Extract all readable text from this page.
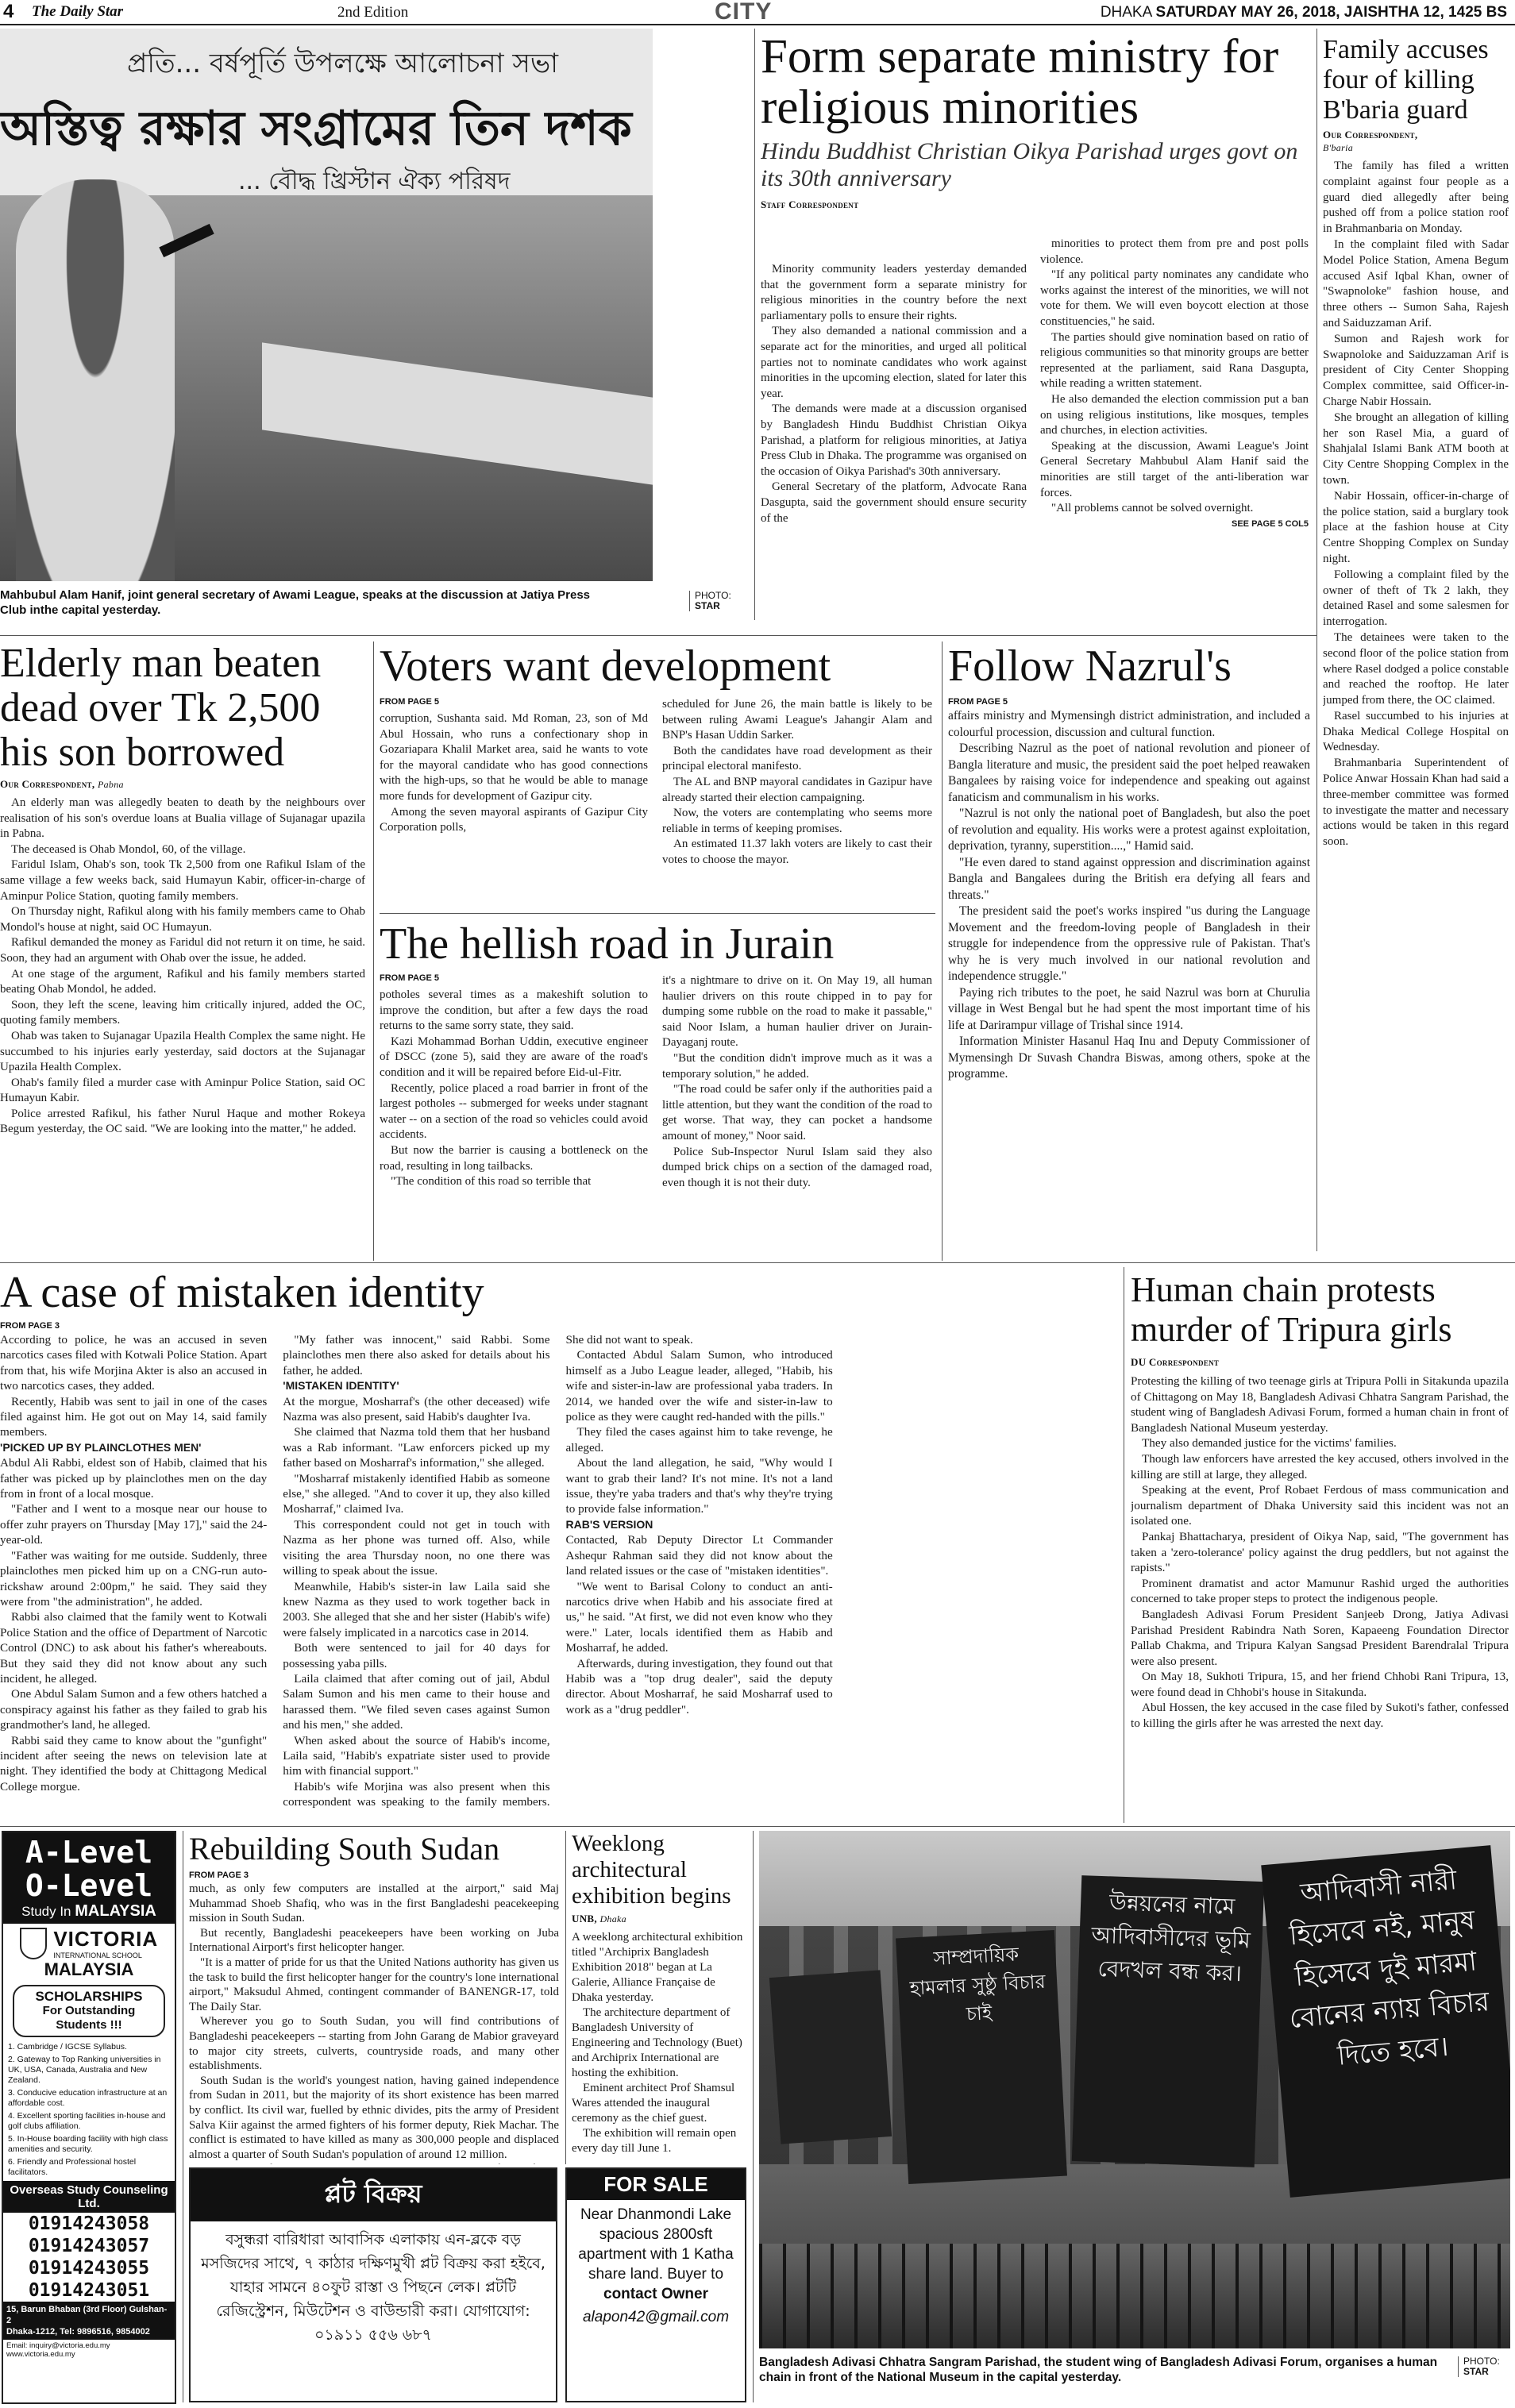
4 The Daily Star	2nd Edition	CITY	DHAKA SATURDAY MAY 26, 2018, JAISHTHA 12, 1425 BS
প্রতি... বর্ষপূর্তি উপলক্ষে আলোচনা সভা
অস্তিত্ব রক্ষার সংগ্রামের তিন দশক
... বৌদ্ধ খ্রিস্টান ঐক্য পরিষদ
Mahbubul Alam Hanif, joint general secretary of Awami League, speaks at the discussion at Jatiya Press Club inthe capital yesterday.
PHOTO:
STAR
Form separate ministry for religious minorities
Hindu Buddhist Christian Oikya Parishad urges govt on its 30th anniversary
Staff Correspondent

Minority community leaders yesterday demanded that the government form a separate ministry for religious minorities in the country before the next parliamentary polls to ensure their rights.

They also demanded a national commission and a separate act for the minorities, and urged all political parties not to nominate candidates who work against minorities in the upcoming election, slated for later this year.

The demands were made at a discussion organised by Bangladesh Hindu Buddhist Christian Oikya Parishad, a platform for religious minorities, at Jatiya Press Club in Dhaka. The programme was organised on the occasion of Oikya Parishad's 30th anniversary.

General Secretary of the platform, Advocate Rana Dasgupta, said the government should ensure security of the

minorities to protect them from pre and post polls violence.

"If any political party nominates any candidate who works against the interest of the minorities, we will not vote for them. We will even boycott election at those constituencies," he said.

The parties should give nomination based on ratio of religious communities so that minority groups are better represented at the parliament, said Rana Dasgupta, while reading a written statement.

He also demanded the election commission put a ban on using religious institutions, like mosques, temples and churches, in election activities.

Speaking at the discussion, Awami League's Joint General Secretary Mahbubul Alam Hanif said the minorities are still target of the anti-liberation war forces.

"All problems cannot be solved overnight.

SEE PAGE 5 COL5
Family accuses four of killing B'baria guard
Our Correspondent,
B'baria

The family has filed a written complaint against four people as a guard died allegedly after being pushed off from a police station roof in Brahmanbaria on Monday.

In the complaint filed with Sadar Model Police Station, Amena Begum accused Asif Iqbal Khan, owner of "Swapnoloke" fashion house, and three others -- Sumon Saha, Rajesh and Saiduzzaman Arif.

Sumon and Rajesh work for Swapnoloke and Saiduzzaman Arif is president of City Center Shopping Complex committee, said Officer-in-Charge Nabir Hossain.

She brought an allegation of killing her son Rasel Mia, a guard of Shahjalal Islami Bank ATM booth at City Centre Shopping Complex in the town.

Nabir Hossain, officer-in-charge of the police station, said a burglary took place at the fashion house at City Centre Shopping Complex on Sunday night.

Following a complaint filed by the owner of theft of Tk 2 lakh, they detained Rasel and some salesmen for interrogation.

The detainees were taken to the second floor of the police station from where Rasel dodged a police constable and reached the rooftop. He later jumped from there, the OC claimed.

Rasel succumbed to his injuries at Dhaka Medical College Hospital on Wednesday.

Brahmanbaria Superintendent of Police Anwar Hossain Khan had said a three-member committee was formed to investigate the matter and necessary actions would be taken in this regard soon.

Elderly man beaten dead over Tk 2,500 his son borrowed
Our Correspondent, Pabna

An elderly man was allegedly beaten to death by the neighbours over realisation of his son's overdue loans at Bualia village of Sujanagar upazila in Pabna.

The deceased is Ohab Mondol, 60, of the village.

Faridul Islam, Ohab's son, took Tk 2,500 from one Rafikul Islam of the same village a few weeks back, said Humayun Kabir, officer-in-charge of Aminpur Police Station, quoting family members.

On Thursday night, Rafikul along with his family members came to Ohab Mondol's house at night, said OC Humayun.

Rafikul demanded the money as Faridul did not return it on time, he said. Soon, they had an argument with Ohab over the issue, he added.

At one stage of the argument, Rafikul and his family members started beating Ohab Mondol, he added.

Soon, they left the scene, leaving him critically injured, added the OC, quoting family members.

Ohab was taken to Sujanagar Upazila Health Complex the same night. He succumbed to his injuries early yesterday, said doctors at the Sujanagar Upazila Health Complex.

Ohab's family filed a murder case with Aminpur Police Station, said OC Humayun Kabir.

Police arrested Rafikul, his father Nurul Haque and mother Rokeya Begum yesterday, the OC said. "We are looking into the matter," he added.

Voters want development
FROM PAGE 5

corruption, Sushanta said. Md Roman, 23, son of Md Abul Hossain, who runs a confectionary shop in Gozariapara Khalil Market area, said he wants to vote for the mayoral candidate who has good connections with the high-ups, so that he would be able to manage more funds for development of Gazipur city.

Among the seven mayoral aspirants of Gazipur City Corporation polls,

scheduled for June 26, the main battle is likely to be between ruling Awami League's Jahangir Alam and BNP's Hasan Uddin Sarker.

Both the candidates have road development as their principal electoral manifesto.

The AL and BNP mayoral candidates in Gazipur have already started their election campaigning.

Now, the voters are contemplating who seems more reliable in terms of keeping promises.

An estimated 11.37 lakh voters are likely to cast their votes to choose the mayor.

The hellish road in Jurain
FROM PAGE 5

potholes several times as a makeshift solution to improve the condition, but after a few days the road returns to the same sorry state, they said.

Kazi Mohammad Borhan Uddin, executive engineer of DSCC (zone 5), said they are aware of the road's condition and it will be repaired before Eid-ul-Fitr.

Recently, police placed a road barrier in front of the largest potholes -- submerged for weeks under stagnant water -- on a section of the road so vehicles could avoid accidents.

But now the barrier is causing a bottleneck on the road, resulting in long tailbacks.

"The condition of this road so terrible that

it's a nightmare to drive on it. On May 19, all human haulier drivers on this route chipped in to pay for dumping some rubble on the road to make it passable," said Noor Islam, a human haulier driver on Jurain-Dayaganj route.

"But the condition didn't improve much as it was a temporary solution," he added.

"The road could be safer only if the authorities paid a little attention, but they want the condition of the road to get worse. That way, they can pocket a handsome amount of money," Noor said.

Police Sub-Inspector Nurul Islam said they also dumped brick chips on a section of the damaged road, even though it is not their duty.

Follow Nazrul's
FROM PAGE 5

affairs ministry and Mymensingh district administration, and included a colourful procession, discussion and cultural function.

Describing Nazrul as the poet of national revolution and pioneer of Bangla literature and music, the president said the poet helped reawaken Bangalees by raising voice for independence and speaking out against fanaticism and communalism in his works.

"Nazrul is not only the national poet of Bangladesh, but also the poet of revolution and equality. His works were a protest against exploitation, deprivation, tyranny, superstition....," Hamid said.

"He even dared to stand against oppression and discrimination against Bangla and Bangalees during the British era defying all fears and threats."

The president said the poet's works inspired "us during the Language Movement and the freedom-loving people of Bangladesh in their struggle for independence from the oppressive rule of Pakistan. That's why he is very much involved in our national revolution and independence struggle."

Paying rich tributes to the poet, he said Nazrul was born at Churulia village in West Bengal but he had spent the most important time of his life at Darirampur village of Trishal since 1914.

Information Minister Hasanul Haq Inu and Deputy Commissioner of Mymensingh Dr Suvash Chandra Biswas, among others, spoke at the programme.

A case of mistaken identity
FROM PAGE 3

According to police, he was an accused in seven narcotics cases filed with Kotwali Police Station. Apart from that, his wife Morjina Akter is also an accused in two narcotics cases, they added.

Recently, Habib was sent to jail in one of the cases filed against him. He got out on May 14, said family members.

'PICKED UP BY PLAINCLOTHES MEN'

Abdul Ali Rabbi, eldest son of Habib, claimed that his father was picked up by plainclothes men on the day from in front of a local mosque.

"Father and I went to a mosque near our house to offer zuhr prayers on Thursday [May 17]," said the 24-year-old.

"Father was waiting for me outside. Suddenly, three plainclothes men picked him up on a CNG-run auto-rickshaw around 2:00pm," he said. They said they were from "the administration", he added.

Rabbi also claimed that the family went to Kotwali Police Station and the office of Department of Narcotic Control (DNC) to ask about his father's whereabouts. But they said they did not know about any such incident, he alleged.

One Abdul Salam Sumon and a few others hatched a conspiracy against his father as they failed to grab his grandmother's land, he alleged.

Rabbi said they came to know about the "gunfight" incident after seeing the news on television late at night. They identified the body at Chittagong Medical College morgue.

"My father was innocent," said Rabbi. Some plainclothes men there also asked for details about his father, he added.

'MISTAKEN IDENTITY'

At the morgue, Mosharraf's (the other deceased) wife Nazma was also present, said Habib's daughter Iva.

She claimed that Nazma told them that her husband was a Rab informant. "Law enforcers picked up my father based on Mosharraf's information," she alleged.

"Mosharraf mistakenly identified Habib as someone else," she alleged. "And to cover it up, they also killed Mosharraf," claimed Iva.

This correspondent could not get in touch with Nazma as her phone was turned off. Also, while visiting the area Thursday noon, no one there was willing to speak about the issue.

Meanwhile, Habib's sister-in law Laila said she knew Nazma as they used to work together back in 2003. She alleged that she and her sister (Habib's wife) were falsely implicated in a narcotics case in 2014.

Both were sentenced to jail for 40 days for possessing yaba pills.

Laila claimed that after coming out of jail, Abdul Salam Sumon and his men came to their house and harassed them. "We filed seven cases against Sumon and his men," she added.

When asked about the source of Habib's income, Laila said, "Habib's expatriate sister used to provide him with financial support."

Habib's wife Morjina was also present when this correspondent was speaking to the family members. She did not want to speak.

Contacted Abdul Salam Sumon, who introduced himself as a Jubo League leader, alleged, "Habib, his wife and sister-in-law are professional yaba traders. In 2014, we handed over the wife and sister-in-law to police as they were caught red-handed with the pills."

They filed the cases against him to take revenge, he alleged.

About the land allegation, he said, "Why would I want to grab their land? It's not mine. It's not a land issue, they're yaba traders and that's why they're trying to provide false information."

RAB'S VERSION

Contacted, Rab Deputy Director Lt Commander Ashequr Rahman said they did not know about the land related issues or the case of "mistaken identities".

"We went to Barisal Colony to conduct an anti-narcotics drive when Habib and his associate fired at us," he said. "At first, we did not even know who they were." Later, locals identified them as Habib and Mosharraf, he added.

Afterwards, during investigation, they found out that Habib was a "top drug dealer", said the deputy director. About Mosharraf, he said Mosharraf used to work as a "drug peddler".

Human chain protests murder of Tripura girls
DU Correspondent

Protesting the killing of two teenage girls at Tripura Polli in Sitakunda upazila of Chittagong on May 18, Bangladesh Adivasi Chhatra Sangram Parishad, the student wing of Bangladesh Adivasi Forum, formed a human chain in front of Bangladesh National Museum yesterday.

They also demanded justice for the victims' families.

Though law enforcers have arrested the key accused, others involved in the killing are still at large, they alleged.

Speaking at the event, Prof Robaet Ferdous of mass communication and journalism department of Dhaka University said this incident was not an isolated one.

Pankaj Bhattacharya, president of Oikya Nap, said, "The government has taken a 'zero-tolerance' policy against the drug peddlers, but not against the rapists."

Prominent dramatist and actor Mamunur Rashid urged the authorities concerned to take proper steps to protect the indigenous people.

Bangladesh Adivasi Forum President Sanjeeb Drong, Jatiya Adivasi Parishad President Rabindra Nath Soren, Kapaeeng Foundation Director Pallab Chakma, and Tripura Kalyan Sangsad President Barendralal Tripura were also present.

On May 18, Sukhoti Tripura, 15, and her friend Chhobi Rani Tripura, 13, were found dead in Chhobi's house in Sitakunda.

Abul Hossen, the key accused in the case filed by Sukoti's father, confessed to killing the girls after he was arrested the next day.

A-Level
O-Level
Study In MALAYSIA

VICTORIA
INTERNATIONAL SCHOOL
MALAYSIA
SCHOLARSHIPS
For Outstanding
Students !!!
1. Cambridge / IGCSE Syllabus.
2. Gateway to Top Ranking universities in UK, USA, Canada, Australia and New Zealand.
3. Conducive education infrastructure at an affordable cost.
4. Excellent sporting facilities in-house and golf clubs affiliation.
5. In-House boarding facility with high class amenities and security.
6. Friendly and Professional hostel facilitators.
Overseas Study Counseling Ltd.
01914243058
01914243057
01914243055
01914243051
15, Barun Bhaban (3rd Floor) Gulshan-2
Dhaka-1212, Tel: 9896516, 9854002
Email: inquiry@victoria.edu.my www.victoria.edu.my
Rebuilding South Sudan
FROM PAGE 3

much, as only few computers are installed at the airport," said Maj Muhammad Shoeb Shafiq, who was in the first Bangladeshi peacekeeping mission in South Sudan.

But recently, Bangladeshi peacekeepers have been working on Juba International Airport's first helicopter hanger.

"It is a matter of pride for us that the United Nations authority has given us the task to build the first helicopter hanger for the country's lone international airport," Maksudul Ahmed, contingent commander of BANENGR-17, told The Daily Star.

Wherever you go to South Sudan, you will find contributions of Bangladeshi peacekeepers -- starting from John Garang de Mabior graveyard to major city streets, culverts, countryside roads, and many other establishments.

South Sudan is the world's youngest nation, having gained independence from Sudan in 2011, but the majority of its short existence has been marred by conflict. Its civil war, fuelled by ethnic divides, pits the army of President Salva Kiir against the armed fighters of his former deputy, Riek Machar. The conflict is estimated to have killed as many as 300,000 people and displaced almost a quarter of South Sudan's population of around 12 million.

Weeklong architectural exhibition begins
UNB, Dhaka

A weeklong architectural exhibition titled "Archiprix Bangladesh Exhibition 2018" began at La Galerie, Alliance Française de Dhaka yesterday.

The architecture department of Bangladesh University of Engineering and Technology (Buet) and Archiprix International are hosting the exhibition.

Eminent architect Prof Shamsul Wares attended the inaugural ceremony as the chief guest.

The exhibition will remain open every day till June 1.

প্লট বিক্রয়
বসুন্ধরা বারিধারা আবাসিক এলাকায় এন-ব্লকে বড় মসজিদের সাথে, ৭ কাঠার দক্ষিণমুখী প্লট বিক্রয় করা হইবে, যাহার সামনে ৪০ফুট রাস্তা ও পিছনে লেক। প্লটটি রেজিস্ট্রেশন, মিউটেশন ও বাউন্ডারী করা। যোগাযোগ: ০১৯১১ ৫৫৬ ৬৮৭
FOR SALE
Near Dhanmondi Lake
spacious 2800sft
apartment with 1 Katha
share land. Buyer to
contact Owner
alapon42@gmail.com
সাম্প্রদায়িক হামলার সুষ্ঠু বিচার চাই
উন্নয়নের নামে আদিবাসীদের ভূমি বেদখল বন্ধ কর।
আদিবাসী নারী হিসেবে নই, মানুষ হিসেবে দুই মারমা বোনের ন্যায় বিচার দিতে হবে।
Bangladesh Adivasi Chhatra Sangram Parishad, the student wing of Bangladesh Adivasi Forum, organises a human chain in front of the National Museum in the capital yesterday.
PHOTO:
STAR
